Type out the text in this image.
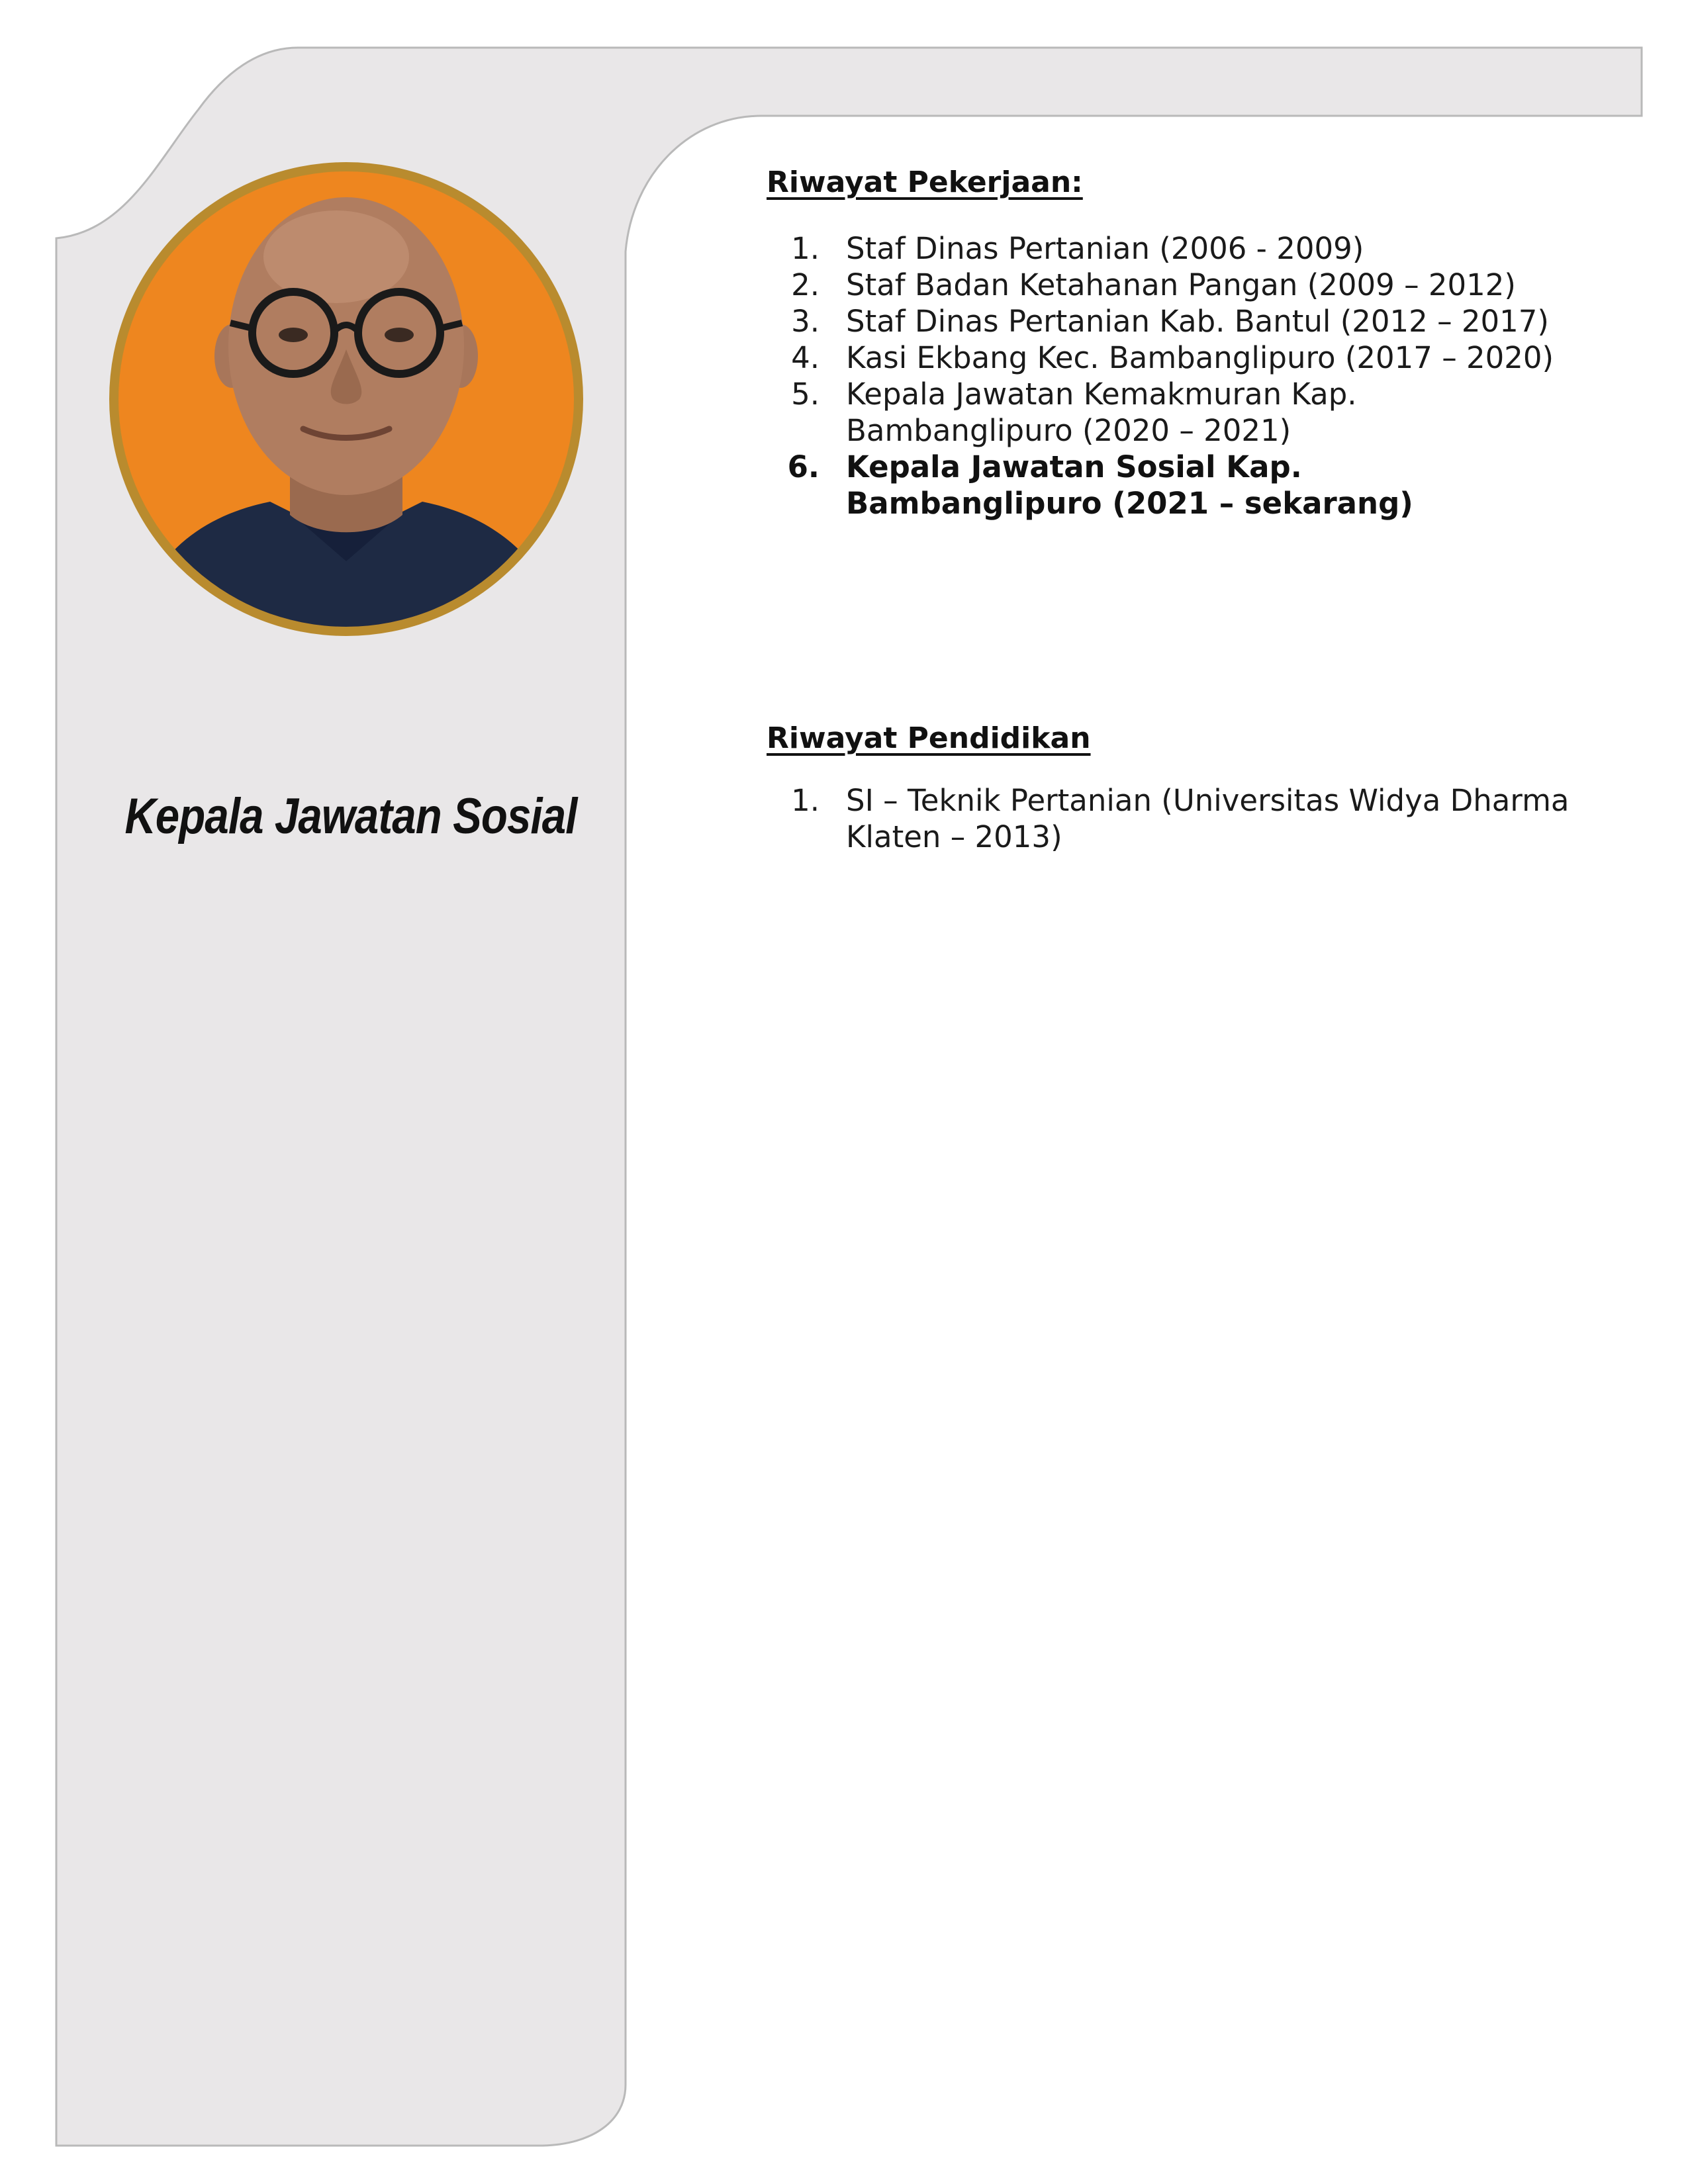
Kepala Jawatan Sosial
Riwayat Pekerjaan:
1. Staf Dinas Pertanian (2006 - 2009)
2. Staf Badan Ketahanan Pangan (2009 – 2012)
3. Staf Dinas Pertanian Kab. Bantul (2012 – 2017)
4. Kasi Ekbang Kec. Bambanglipuro (2017 – 2020)
5. Kepala Jawatan Kemakmuran Kap. Bambanglipuro (2020 – 2021)
6. Kepala Jawatan Sosial Kap. Bambanglipuro (2021 – sekarang)
Riwayat Pendidikan
1. SI – Teknik Pertanian (Universitas Widya Dharma Klaten – 2013)
